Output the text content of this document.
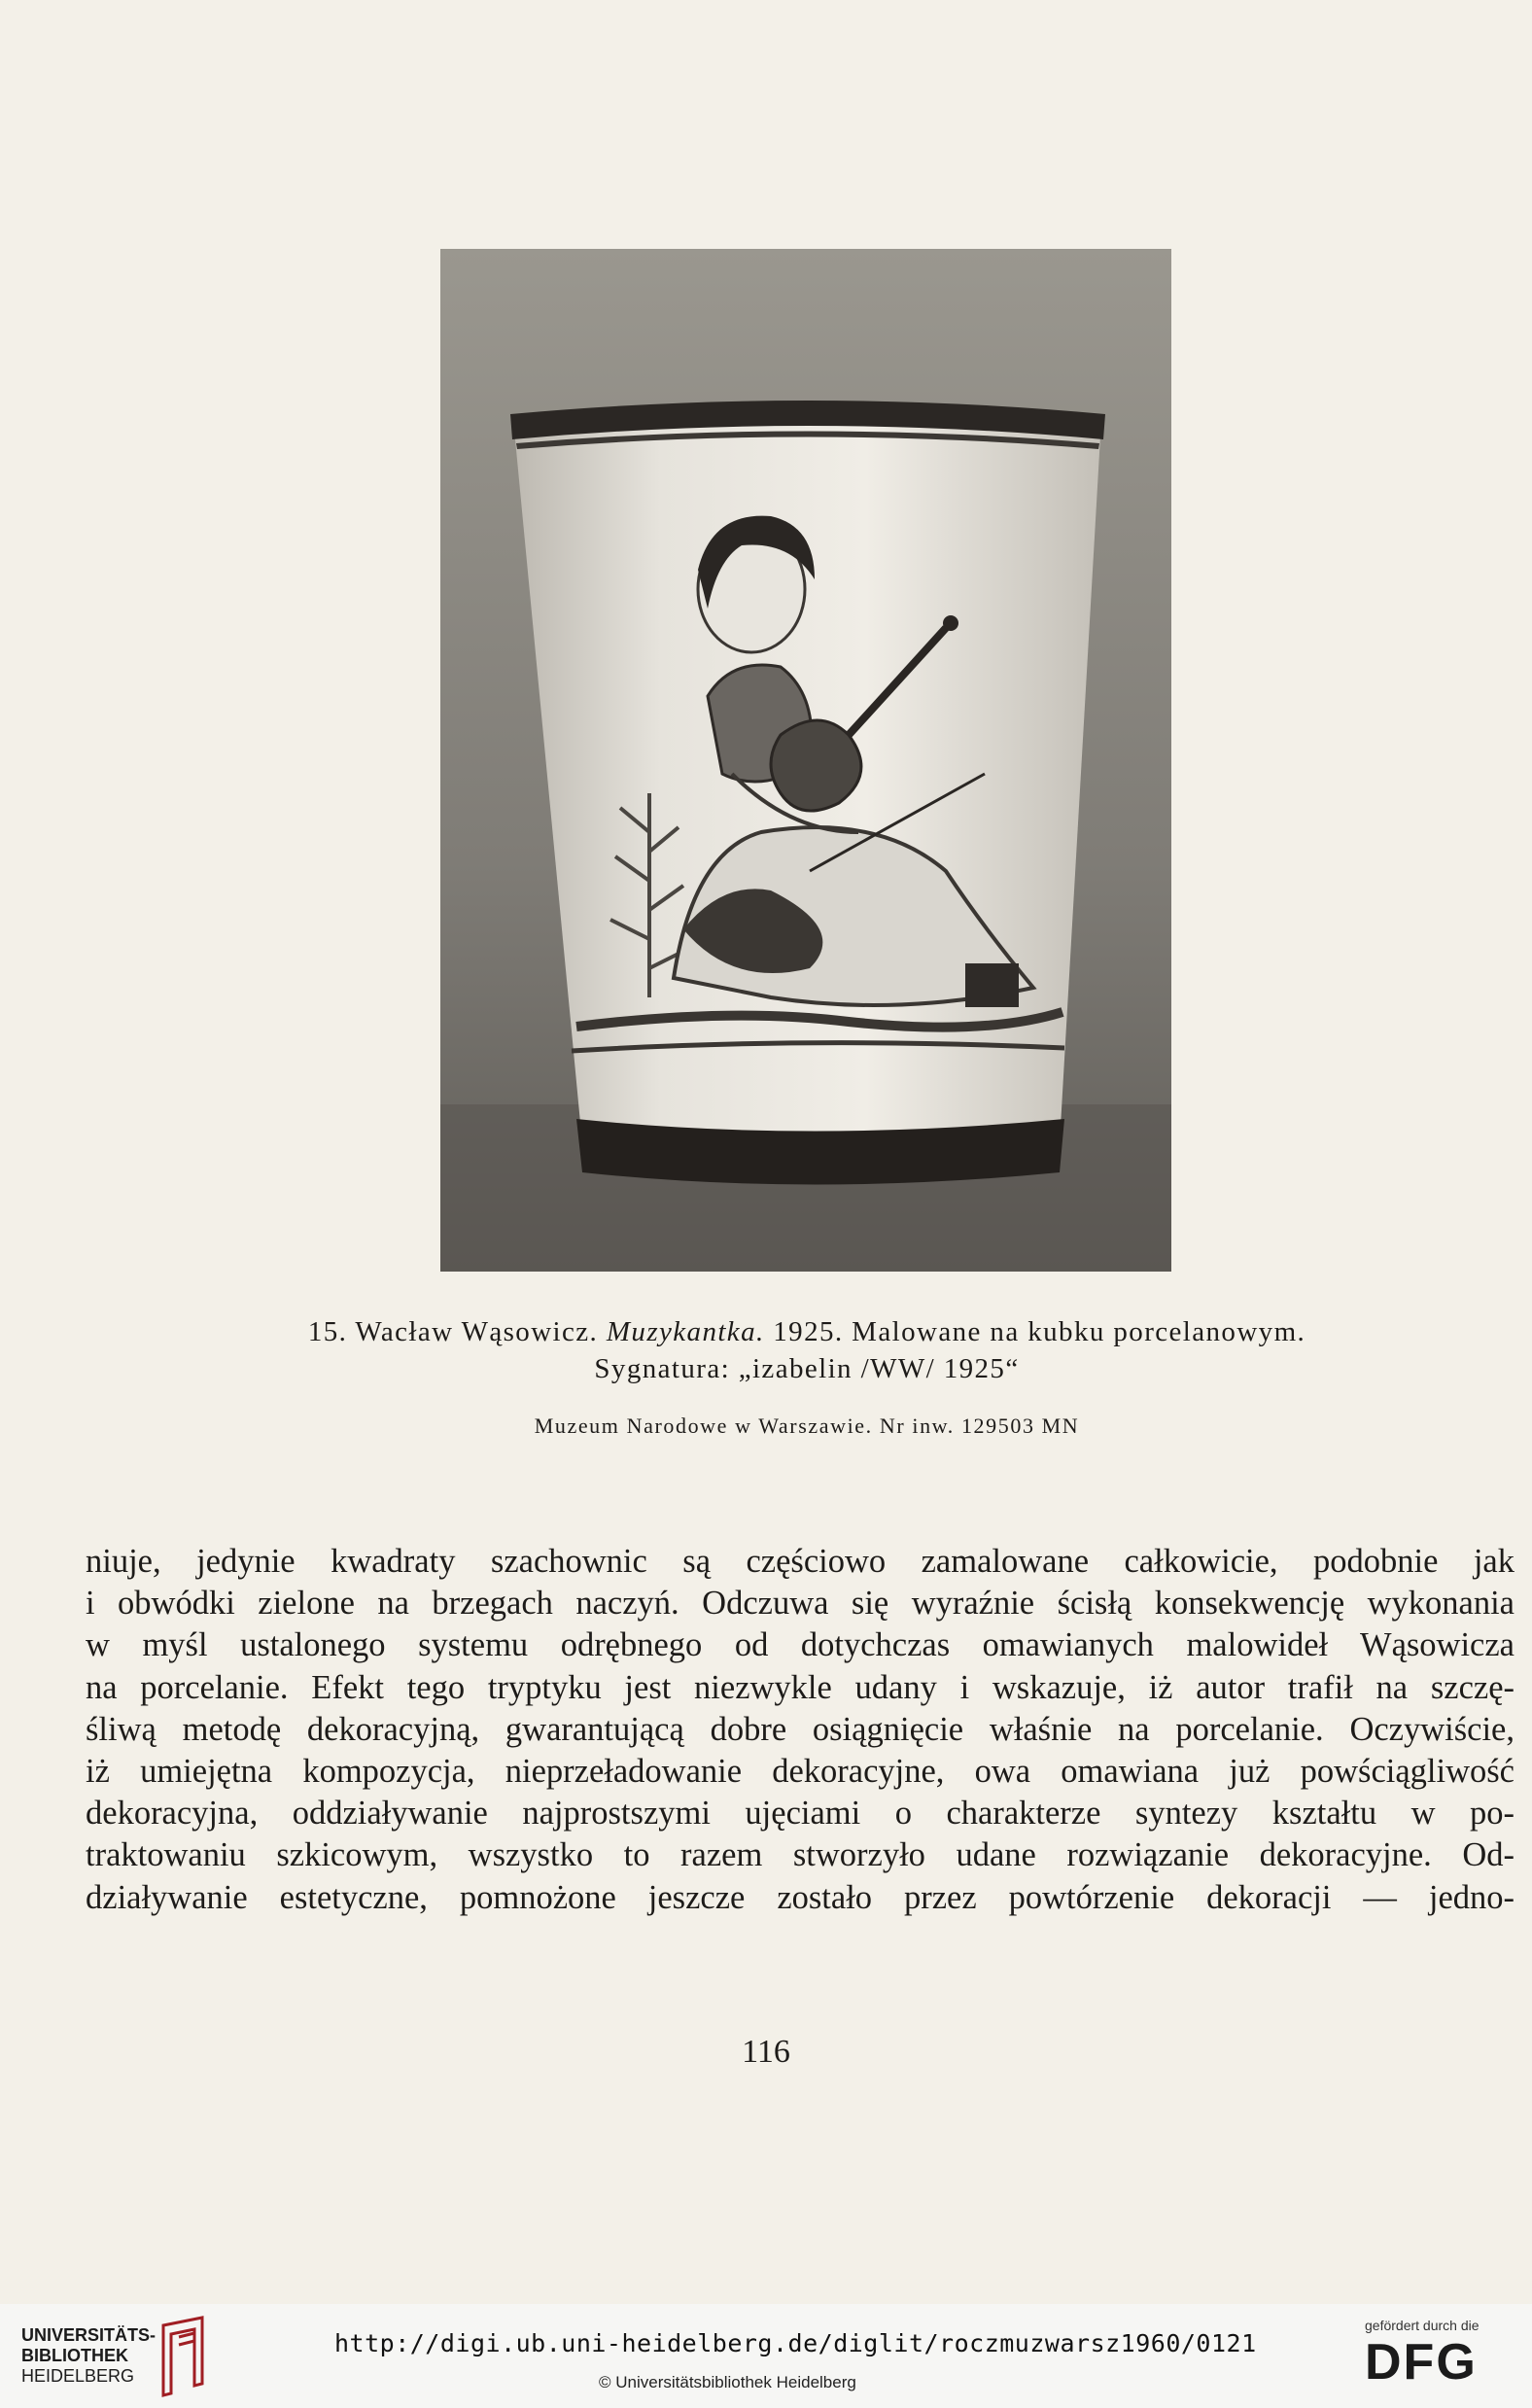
15. Wacław Wąsowicz. Muzykantka. 1925. Malowane na kubku porcelanowym.
Sygnatura: „izabelin /WW/ 1925“
Muzeum Narodowe w Warszawie. Nr inw. 129503 MN
niuje, jedynie kwadraty szachownic są częściowo zamalowane całkowicie, podobnie jak
i obwódki zielone na brzegach naczyń. Odczuwa się wyraźnie ścisłą konsekwencję wykonania
w myśl ustalonego systemu odrębnego od dotychczas omawianych malowideł Wąsowicza
na porcelanie. Efekt tego tryptyku jest niezwykle udany i wskazuje, iż autor trafił na szczę-
śliwą metodę dekoracyjną, gwarantującą dobre osiągnięcie właśnie na porcelanie. Oczywiście,
iż umiejętna kompozycja, nieprzeładowanie dekoracyjne, owa omawiana już powściągliwość
dekoracyjna, oddziaływanie najprostszymi ujęciami o charakterze syntezy kształtu w po-
traktowaniu szkicowym, wszystko to razem stworzyło udane rozwiązanie dekoracyjne. Od-
działywanie estetyczne, pomnożone jeszcze zostało przez powtórzenie dekoracji — jedno-
116
UNIVERSITÄTS-
BIBLIOTHEK
HEIDELBERG
http://digi.ub.uni-heidelberg.de/diglit/roczmuzwarsz1960/0121
© Universitätsbibliothek Heidelberg
gefördert durch die
DFG
